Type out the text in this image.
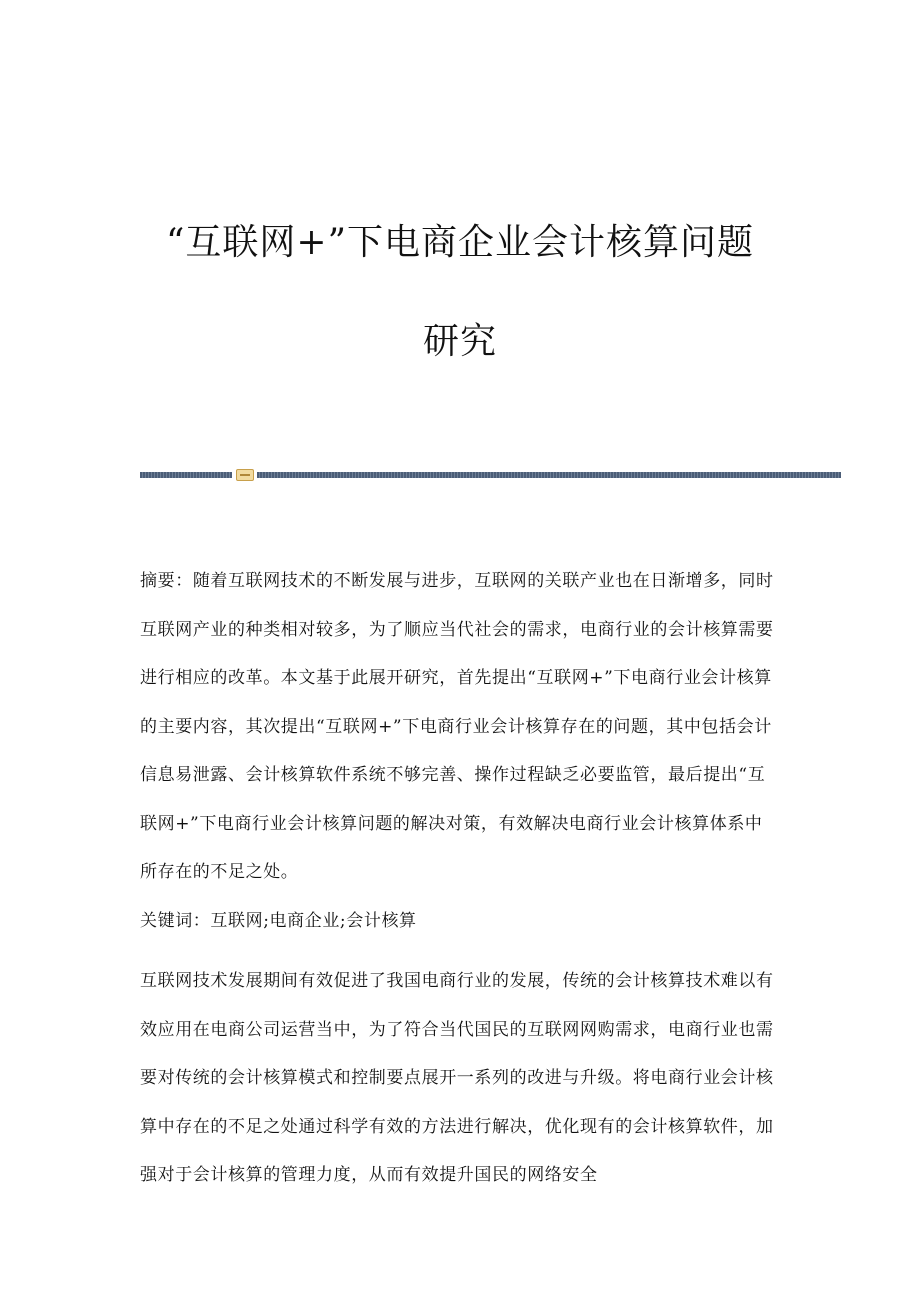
“互联网+”下电商企业会计核算问题
研究

摘要：随着互联网技术的不断发展与进步，互联网的关联产业也在日渐增多，同时互联网产业的种类相对较多，为了顺应当代社会的需求，电商行业的会计核算需要进行相应的改革。本文基于此展开研究，首先提出“互联网+”下电商行业会计核算的主要内容，其次提出“互联网+”下电商行业会计核算存在的问题，其中包括会计信息易泄露、会计核算软件系统不够完善、操作过程缺乏必要监管，最后提出“互联网+”下电商行业会计核算问题的解决对策，有效解决电商行业会计核算体系中所存在的不足之处。

关键词：互联网;电商企业;会计核算

互联网技术发展期间有效促进了我国电商行业的发展，传统的会计核算技术难以有效应用在电商公司运营当中，为了符合当代国民的互联网网购需求，电商行业也需要对传统的会计核算模式和控制要点展开一系列的改进与升级。将电商行业会计核算中存在的不足之处通过科学有效的方法进行解决，优化现有的会计核算软件，加强对于会计核算的管理力度，从而有效提升国民的网络安全
